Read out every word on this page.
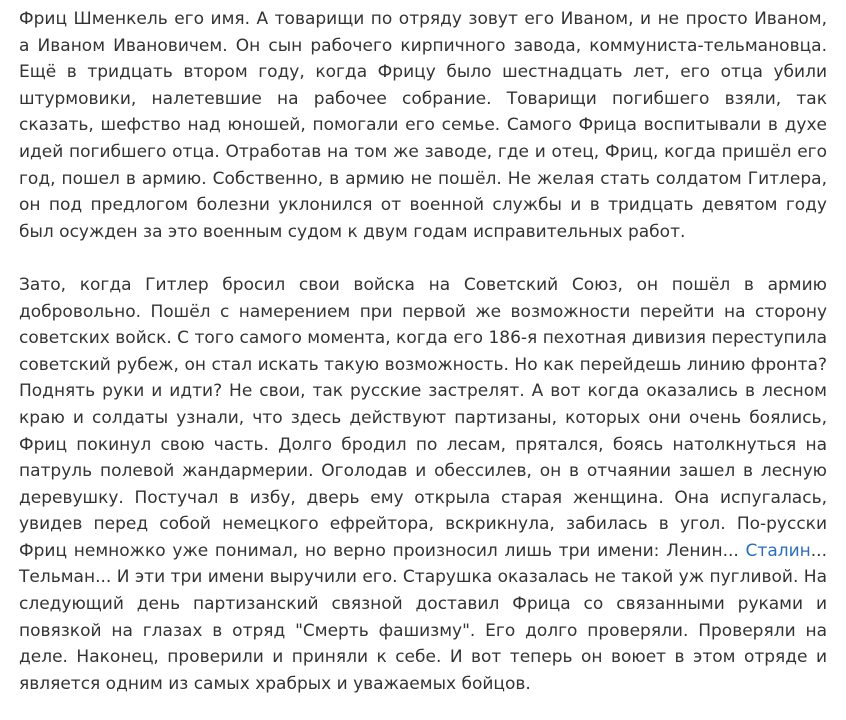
Фриц Шменкель его имя. А товарищи по отряду зовут его Иваном, и не просто Иваном, а Иваном Ивановичем. Он сын рабочего кирпичного завода, коммуниста-тельмановца. Ещё в тридцать втором году, когда Фрицу было шестнадцать лет, его отца убили штурмовики, налетевшие на рабочее собрание. Товарищи погибшего взяли, так сказать, шефство над юношей, помогали его семье. Самого Фрица воспитывали в духе идей погибшего отца. Отработав на том же заводе, где и отец, Фриц, когда пришёл его год, пошел в армию. Собственно, в армию не пошёл. Не желая стать солдатом Гитлера, он под предлогом болезни уклонился от военной службы и в тридцать девятом году был осужден за это военным судом к двум годам исправительных работ.

Зато, когда Гитлер бросил свои войска на Советский Союз, он пошёл в армию добровольно. Пошёл с намерением при первой же возможности перейти на сторону советских войск. С того самого момента, когда его 186-я пехотная дивизия переступила советский рубеж, он стал искать такую возможность. Но как перейдешь линию фронта? Поднять руки и идти? Не свои, так русские застрелят. А вот когда оказались в лесном краю и солдаты узнали, что здесь действуют партизаны, которых они очень боялись, Фриц покинул свою часть. Долго бродил по лесам, прятался, боясь натолкнуться на патруль полевой жандармерии. Оголодав и обессилев, он в отчаянии зашел в лесную деревушку. Постучал в избу, дверь ему открыла старая женщина. Она испугалась, увидев перед собой немецкого ефрейтора, вскрикнула, забилась в угол. По-русски Фриц немножко уже понимал, но верно произносил лишь три имени: Ленин... Сталин... Тельман... И эти три имени выручили его. Старушка оказалась не такой уж пугливой. На следующий день партизанский связной доставил Фрица со связанными руками и повязкой на глазах в отряд "Смерть фашизму". Его долго проверяли. Проверяли на деле. Наконец, проверили и приняли к себе. И вот теперь он воюет в этом отряде и является одним из самых храбрых и уважаемых бойцов.
